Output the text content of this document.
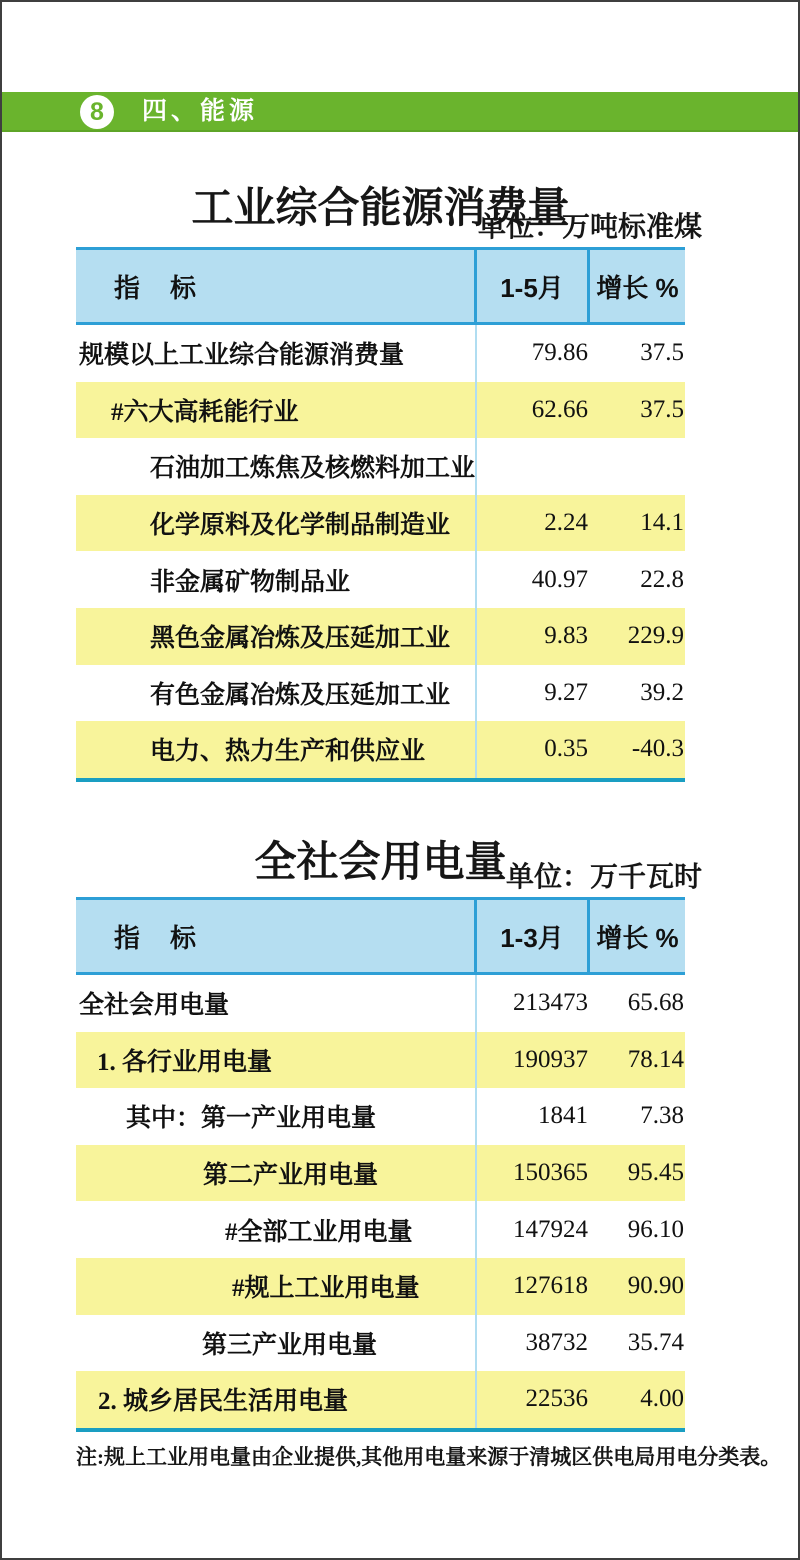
8 四、能源
工业综合能源消费量
单位：万吨标准煤
指　标	1-5月	增长 %
规模以上工业综合能源消费量	79.86	37.5
#六大高耗能行业	62.66	37.5
石油加工炼焦及核燃料加工业
化学原料及化学制品制造业	2.24	14.1
非金属矿物制品业	40.97	22.8
黑色金属冶炼及压延加工业	9.83	229.9
有色金属冶炼及压延加工业	9.27	39.2
电力、热力生产和供应业	0.35	-40.3
全社会用电量 单位：万千瓦时
指　标	1-3月	增长 %
全社会用电量	213473	65.68
1. 各行业用电量	190937	78.14
其中：第一产业用电量	1841	7.38
第二产业用电量	150365	95.45
#全部工业用电量	147924	96.10
#规上工业用电量	127618	90.90
第三产业用电量	38732	35.74
2. 城乡居民生活用电量	22536	4.00

注:规上工业用电量由企业提供,其他用电量来源于清城区供电局用电分类表。
